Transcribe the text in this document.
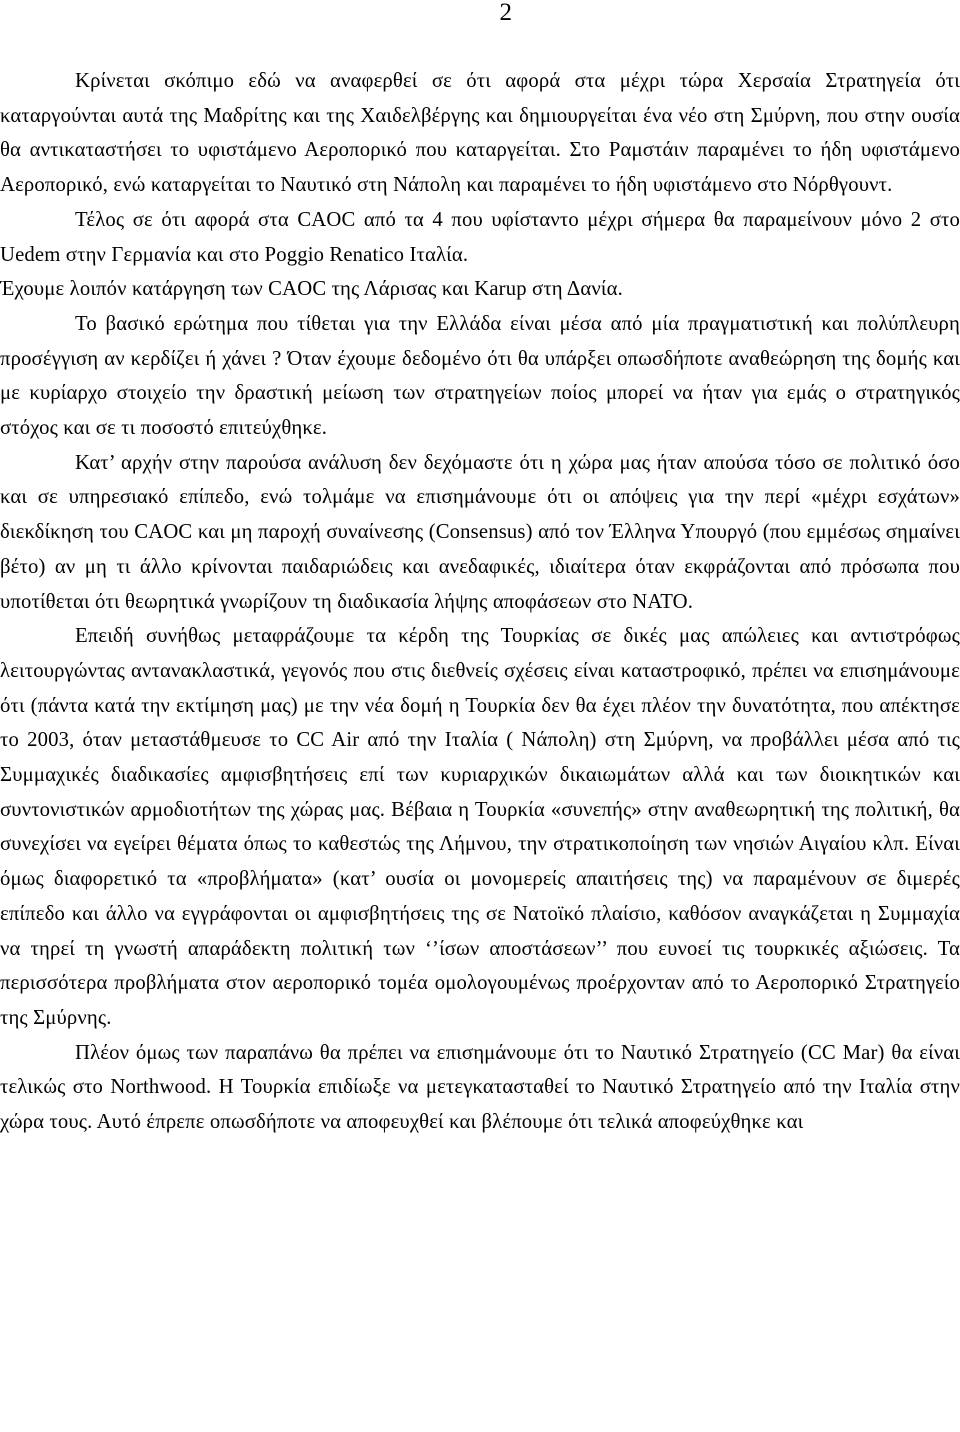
2

Κρίνεται σκόπιμο εδώ να αναφερθεί σε ότι αφορά στα μέχρι τώρα Χερσαία Στρατηγεία ότι καταργούνται αυτά της Μαδρίτης και της Χαιδελβέργης και δημιουργείται ένα νέο στη Σμύρνη, που στην ουσία θα αντικαταστήσει το υφιστάμενο Αεροπορικό που καταργείται. Στο Ραμστάιν παραμένει το ήδη υφιστάμενο Αεροπορικό, ενώ καταργείται το Ναυτικό στη Νάπολη και παραμένει το ήδη υφιστάμενο στο Νόρθγουντ.

Τέλος σε ότι αφορά στα CAOC από τα 4 που υφίσταντο μέχρι σήμερα θα παραμείνουν μόνο 2 στο Uedem στην Γερμανία και στο Poggio Renatico Ιταλία.

Έχουμε λοιπόν κατάργηση των CAOC της Λάρισας και Karup στη Δανία.

Το βασικό ερώτημα που τίθεται για την Ελλάδα είναι μέσα από μία πραγματιστική και πολύπλευρη προσέγγιση αν κερδίζει ή χάνει ? Όταν έχουμε δεδομένο ότι θα υπάρξει οπωσδήποτε αναθεώρηση της δομής και με κυρίαρχο στοιχείο την δραστική μείωση των στρατηγείων ποίος μπορεί να ήταν για εμάς ο στρατηγικός στόχος και σε τι ποσοστό επιτεύχθηκε.

Κατ’ αρχήν στην παρούσα ανάλυση δεν δεχόμαστε ότι η χώρα μας ήταν απούσα τόσο σε πολιτικό όσο και σε υπηρεσιακό επίπεδο, ενώ τολμάμε να επισημάνουμε ότι οι απόψεις για την περί «μέχρι εσχάτων» διεκδίκηση του CAOC και μη παροχή συναίνεσης (Consensus) από τον Έλληνα Υπουργό (που εμμέσως σημαίνει βέτο) αν μη τι άλλο κρίνονται παιδαριώδεις και ανεδαφικές, ιδιαίτερα όταν εκφράζονται από πρόσωπα που υποτίθεται ότι θεωρητικά γνωρίζουν τη διαδικασία λήψης αποφάσεων στο ΝΑΤΟ.

Επειδή συνήθως μεταφράζουμε τα κέρδη της Τουρκίας σε δικές μας απώλειες και αντιστρόφως λειτουργώντας αντανακλαστικά, γεγονός που στις διεθνείς σχέσεις είναι καταστροφικό, πρέπει να επισημάνουμε ότι (πάντα κατά την εκτίμηση μας) με την νέα δομή η Τουρκία δεν θα έχει πλέον την δυνατότητα, που απέκτησε το 2003, όταν μεταστάθμευσε το CC Air από την Ιταλία ( Νάπολη) στη Σμύρνη, να προβάλλει μέσα από τις Συμμαχικές διαδικασίες αμφισβητήσεις επί των κυριαρχικών δικαιωμάτων αλλά και των διοικητικών και συντονιστικών αρμοδιοτήτων της χώρας μας. Βέβαια η Τουρκία «συνεπής» στην αναθεωρητική της πολιτική, θα συνεχίσει να εγείρει θέματα όπως το καθεστώς της Λήμνου, την στρατικοποίηση των νησιών Αιγαίου κλπ. Είναι όμως διαφορετικό τα «προβλήματα» (κατ’ ουσία οι μονομερείς απαιτήσεις της) να παραμένουν σε διμερές επίπεδο και άλλο να εγγράφονται οι αμφισβητήσεις της σε Νατοϊκό πλαίσιο, καθόσον αναγκάζεται η Συμμαχία να τηρεί τη γνωστή απαράδεκτη πολιτική των ‘’ίσων αποστάσεων’’ που ευνοεί τις τουρκικές αξιώσεις. Τα περισσότερα προβλήματα στον αεροπορικό τομέα ομολογουμένως προέρχονταν από το Αεροπορικό Στρατηγείο της Σμύρνης.

Πλέον όμως των παραπάνω θα πρέπει να επισημάνουμε ότι το Ναυτικό Στρατηγείο (CC Mar) θα είναι τελικώς στο Northwood. Η Τουρκία επιδίωξε να μετεγκατασταθεί το Ναυτικό Στρατηγείο από την Ιταλία στην χώρα τους. Αυτό έπρεπε οπωσδήποτε να αποφευχθεί και βλέπουμε ότι τελικά αποφεύχθηκε και
